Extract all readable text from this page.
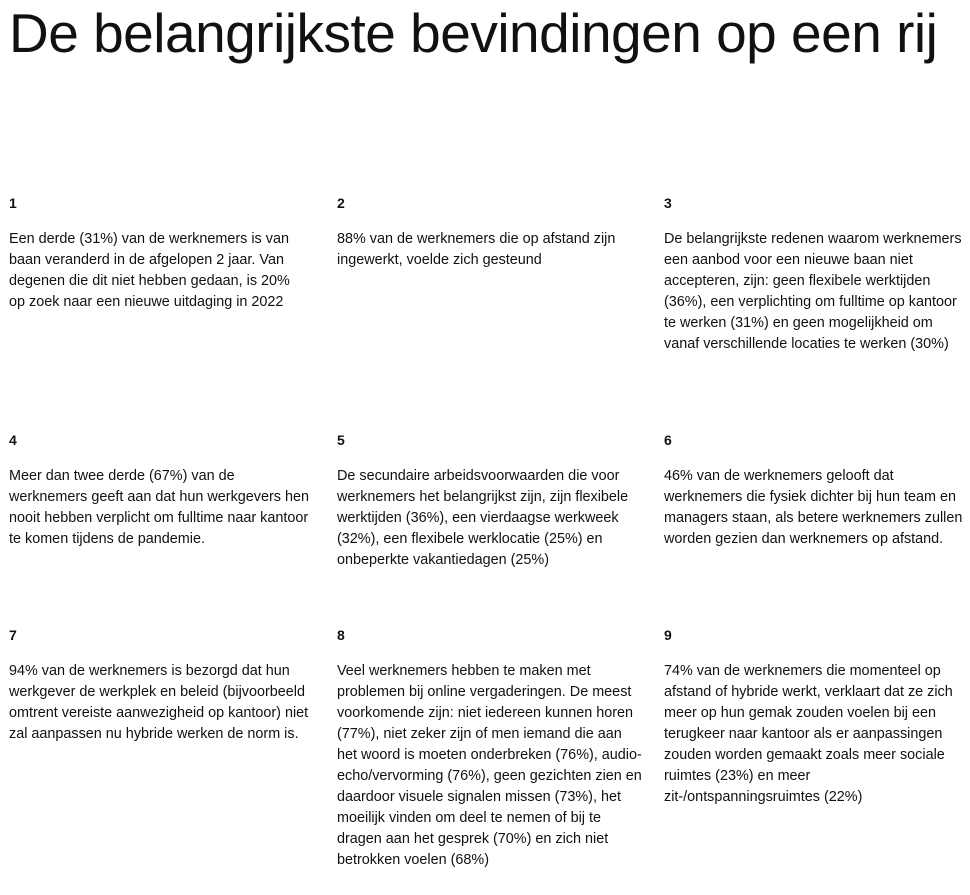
De belangrijkste bevindingen op een rij

1

Een derde (31%) van de werknemers is van baan veranderd in de afgelopen 2 jaar. Van degenen die dit niet hebben gedaan, is 20% op zoek naar een nieuwe uitdaging in 2022

2

88% van de werknemers die op afstand zijn ingewerkt, voelde zich gesteund

3

De belangrijkste redenen waarom werknemers een aanbod voor een nieuwe baan niet accepteren, zijn: geen flexibele werktijden (36%), een verplichting om fulltime op kantoor te werken (31%) en geen mogelijkheid om vanaf verschillende locaties te werken (30%)

4

Meer dan twee derde (67%) van de werknemers geeft aan dat hun werkgevers hen nooit hebben verplicht om fulltime naar kantoor te komen tijdens de pandemie.

5

De secundaire arbeidsvoorwaarden die voor werknemers het belangrijkst zijn, zijn flexibele werktijden (36%), een vierdaagse werkweek (32%), een flexibele werklocatie (25%) en onbeperkte vakantiedagen (25%)

6

46% van de werknemers gelooft dat werknemers die fysiek dichter bij hun team en managers staan, als betere werknemers zullen worden gezien dan werknemers op afstand.

7

94% van de werknemers is bezorgd dat hun werkgever de werkplek en beleid (bijvoorbeeld omtrent vereiste aanwezigheid op kantoor) niet zal aanpassen nu hybride werken de norm is.

8

Veel werknemers hebben te maken met problemen bij online vergaderingen. De meest voorkomende zijn: niet iedereen kunnen horen (77%), niet zeker zijn of men iemand die aan het woord is moeten onderbreken (76%), audio-echo/vervorming (76%), geen gezichten zien en daardoor visuele signalen missen (73%), het moeilijk vinden om deel te nemen of bij te dragen aan het gesprek (70%) en zich niet betrokken voelen (68%)

9

74% van de werknemers die momenteel op afstand of hybride werkt, verklaart dat ze zich meer op hun gemak zouden voelen bij een terugkeer naar kantoor als er aanpassingen zouden worden gemaakt zoals meer sociale ruimtes (23%) en meer zit-/ontspanningsruimtes (22%)
